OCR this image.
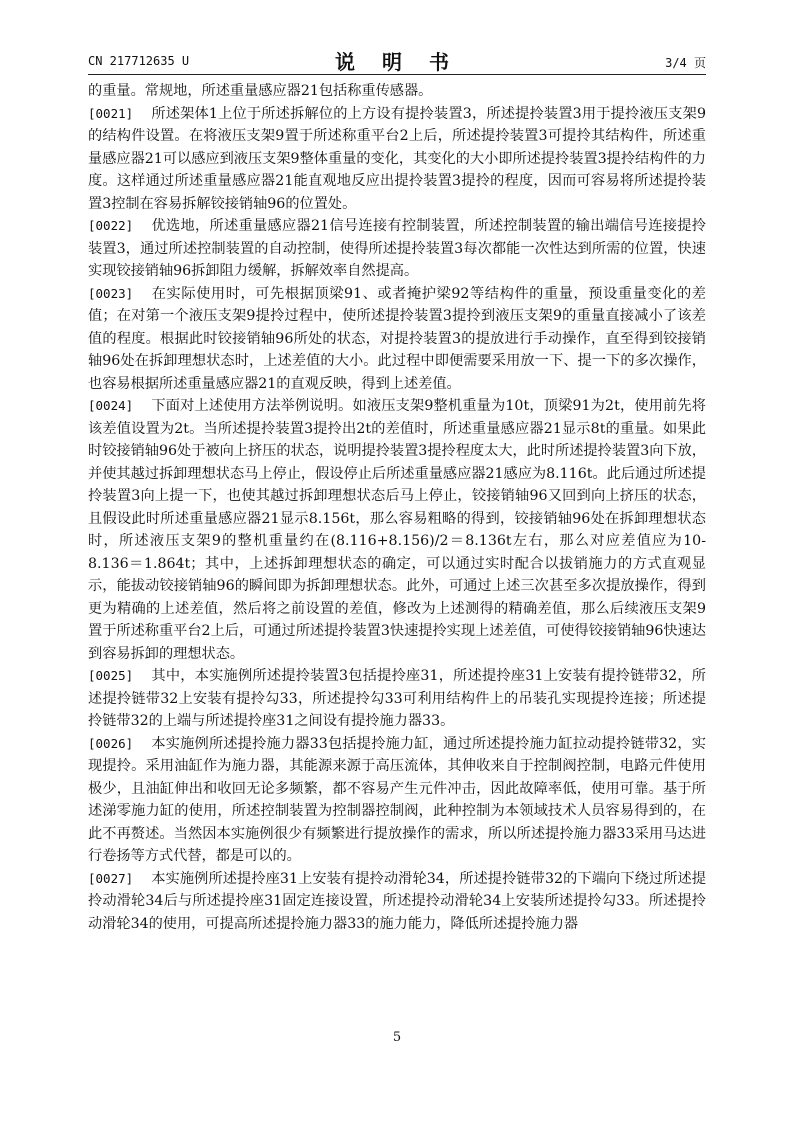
CN 217712635 U	说 明 书	3/4 页

的重量。常规地，所述重量感应器21包括称重传感器。

[0021] 所述架体1上位于所述拆解位的上方设有提拎装置3，所述提拎装置3用于提拎液压支架9的结构件设置。在将液压支架9置于所述称重平台2上后，所述提拎装置3可提拎其结构件，所述重量感应器21可以感应到液压支架9整体重量的变化，其变化的大小即所述提拎装置3提拎结构件的力度。这样通过所述重量感应器21能直观地反应出提拎装置3提拎的程度，因而可容易将所述提拎装置3控制在容易拆解铰接销轴96的位置处。

[0022] 优选地，所述重量感应器21信号连接有控制装置，所述控制装置的输出端信号连接提拎装置3，通过所述控制装置的自动控制，使得所述提拎装置3每次都能一次性达到所需的位置，快速实现铰接销轴96拆卸阻力缓解，拆解效率自然提高。

[0023] 在实际使用时，可先根据顶梁91、或者掩护梁92等结构件的重量，预设重量变化的差值；在对第一个液压支架9提拎过程中，使所述提拎装置3提拎到液压支架9的重量直接减小了该差值的程度。根据此时铰接销轴96所处的状态，对提拎装置3的提放进行手动操作，直至得到铰接销轴96处在拆卸理想状态时，上述差值的大小。此过程中即便需要采用放一下、提一下的多次操作，也容易根据所述重量感应器21的直观反映，得到上述差值。

[0024] 下面对上述使用方法举例说明。如液压支架9整机重量为10t，顶梁91为2t，使用前先将该差值设置为2t。当所述提拎装置3提拎出2t的差值时，所述重量感应器21显示8t的重量。如果此时铰接销轴96处于被向上挤压的状态，说明提拎装置3提拎程度太大，此时所述提拎装置3向下放，并使其越过拆卸理想状态马上停止，假设停止后所述重量感应器21感应为8.116t。此后通过所述提拎装置3向上提一下，也使其越过拆卸理想状态后马上停止，铰接销轴96又回到向上挤压的状态，且假设此时所述重量感应器21显示8.156t，那么容易粗略的得到，铰接销轴96处在拆卸理想状态时，所述液压支架9的整机重量约在(8.116+8.156)/2＝8.136t左右，那么对应差值应为10-8.136＝1.864t；其中，上述拆卸理想状态的确定，可以通过实时配合以拔销施力的方式直观显示，能拔动铰接销轴96的瞬间即为拆卸理想状态。此外，可通过上述三次甚至多次提放操作，得到更为精确的上述差值，然后将之前设置的差值，修改为上述测得的精确差值，那么后续液压支架9置于所述称重平台2上后，可通过所述提拎装置3快速提拎实现上述差值，可使得铰接销轴96快速达到容易拆卸的理想状态。

[0025] 其中，本实施例所述提拎装置3包括提拎座31，所述提拎座31上安装有提拎链带32，所述提拎链带32上安装有提拎勾33，所述提拎勾33可利用结构件上的吊装孔实现提拎连接；所述提拎链带32的上端与所述提拎座31之间设有提拎施力器33。

[0026] 本实施例所述提拎施力器33包括提拎施力缸，通过所述提拎施力缸拉动提拎链带32，实现提拎。采用油缸作为施力器，其能源来源于高压流体，其伸收来自于控制阀控制，电路元件使用极少，且油缸伸出和收回无论多频繁，都不容易产生元件冲击，因此故障率低，使用可靠。基于所述涕零施力缸的使用，所述控制装置为控制器控制阀，此种控制为本领域技术人员容易得到的，在此不再赘述。当然因本实施例很少有频繁进行提放操作的需求，所以所述提拎施力器33采用马达进行卷扬等方式代替，都是可以的。

[0027] 本实施例所述提拎座31上安装有提拎动滑轮34，所述提拎链带32的下端向下绕过所述提拎动滑轮34后与所述提拎座31固定连接设置，所述提拎动滑轮34上安装所述提拎勾33。所述提拎动滑轮34的使用，可提高所述提拎施力器33的施力能力，降低所述提拎施力器

5
